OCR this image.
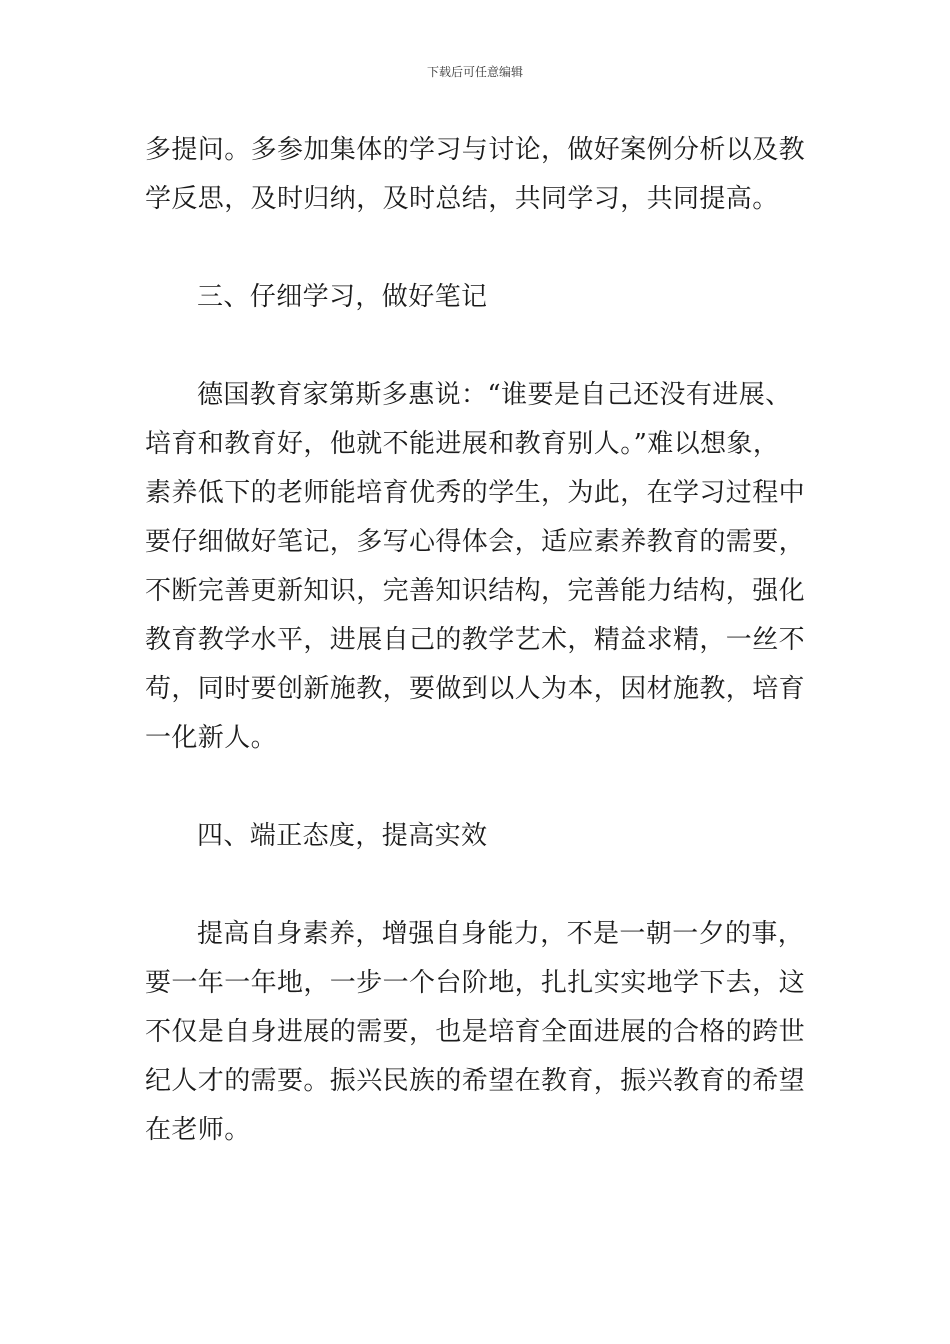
下载后可任意编辑

多提问。多参加集体的学习与讨论，做好案例分析以及教
学反思，及时归纳，及时总结，共同学习，共同提高。

三、仔细学习，做好笔记

德国教育家第斯多惠说：“谁要是自己还没有进展、
培育和教育好，他就不能进展和教育别人。”难以想象，
素养低下的老师能培育优秀的学生，为此，在学习过程中
要仔细做好笔记，多写心得体会，适应素养教育的需要，
不断完善更新知识，完善知识结构，完善能力结构，强化
教育教学水平，进展自己的教学艺术，精益求精，一丝不
苟，同时要创新施教，要做到以人为本，因材施教，培育
一化新人。

四、端正态度，提高实效

提高自身素养，增强自身能力，不是一朝一夕的事，
要一年一年地，一步一个台阶地，扎扎实实地学下去，这
不仅是自身进展的需要，也是培育全面进展的合格的跨世
纪人才的需要。振兴民族的希望在教育，振兴教育的希望
在老师。
